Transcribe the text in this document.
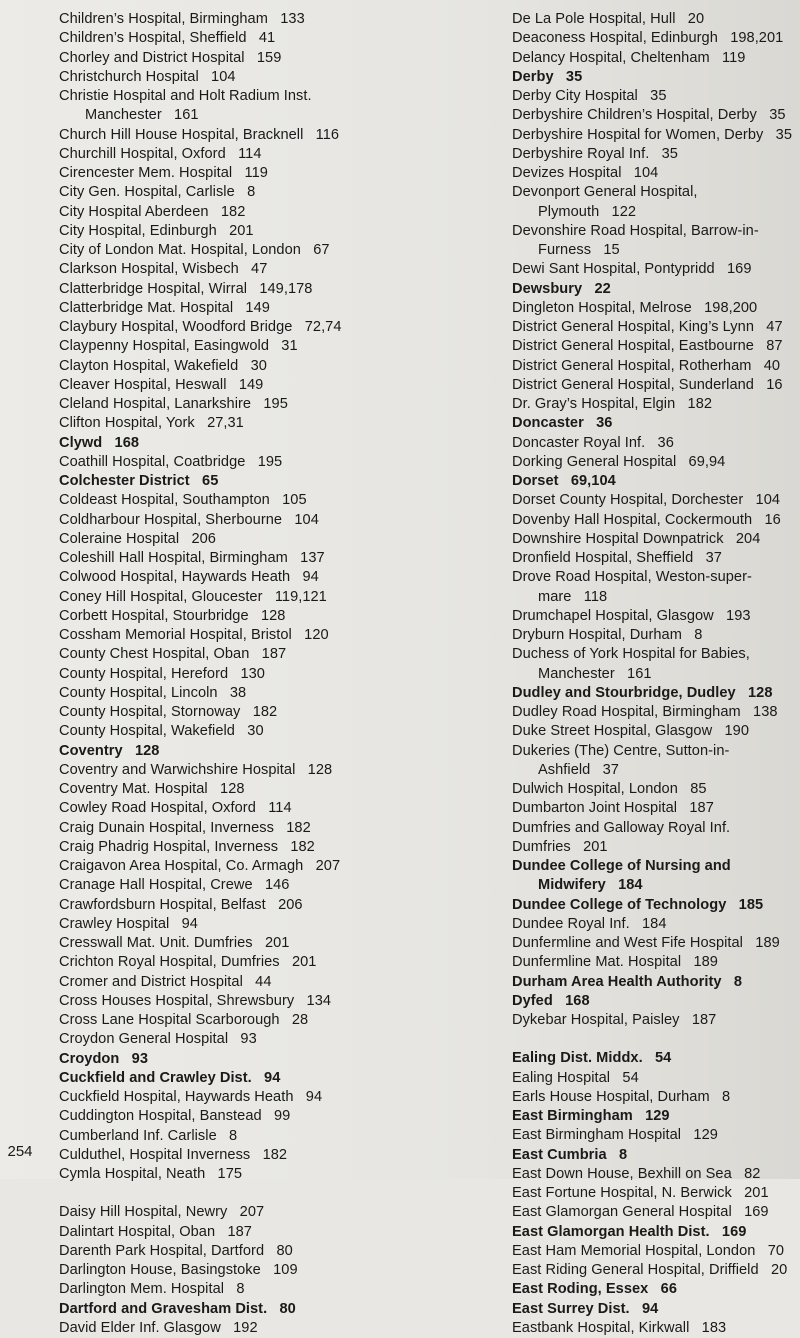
Children’s Hospital, Birmingham   133
Children’s Hospital, Sheffield   41
Chorley and District Hospital   159
Christchurch Hospital   104
Christie Hospital and Holt Radium Inst.
Manchester   161
Church Hill House Hospital, Bracknell   116
Churchill Hospital, Oxford   114
Cirencester Mem. Hospital   119
City Gen. Hospital, Carlisle   8
City Hospital Aberdeen   182
City Hospital, Edinburgh   201
City of London Mat. Hospital, London   67
Clarkson Hospital, Wisbech   47
Clatterbridge Hospital, Wirral   149,178
Clatterbridge Mat. Hospital   149
Claybury Hospital, Woodford Bridge   72,74
Claypenny Hospital, Easingwold   31
Clayton Hospital, Wakefield   30
Cleaver Hospital, Heswall   149
Cleland Hospital, Lanarkshire   195
Clifton Hospital, York   27,31
Clywd   168
Coathill Hospital, Coatbridge   195
Colchester District   65
Coldeast Hospital, Southampton   105
Coldharbour Hospital, Sherbourne   104
Coleraine Hospital   206
Coleshill Hall Hospital, Birmingham   137
Colwood Hospital, Haywards Heath   94
Coney Hill Hospital, Gloucester   119,121
Corbett Hospital, Stourbridge   128
Cossham Memorial Hospital, Bristol   120
County Chest Hospital, Oban   187
County Hospital, Hereford   130
County Hospital, Lincoln   38
County Hospital, Stornoway   182
County Hospital, Wakefield   30
Coventry   128
Coventry and Warwichshire Hospital   128
Coventry Mat. Hospital   128
Cowley Road Hospital, Oxford   114
Craig Dunain Hospital, Inverness   182
Craig Phadrig Hospital, Inverness   182
Craigavon Area Hospital, Co. Armagh   207
Cranage Hall Hospital, Crewe   146
Crawfordsburn Hospital, Belfast   206
Crawley Hospital   94
Cresswall Mat. Unit. Dumfries   201
Crichton Royal Hospital, Dumfries   201
Cromer and District Hospital   44
Cross Houses Hospital, Shrewsbury   134
Cross Lane Hospital Scarborough   28
Croydon General Hospital   93
Croydon   93
Cuckfield and Crawley Dist.   94
Cuckfield Hospital, Haywards Heath   94
Cuddington Hospital, Banstead   99
Cumberland Inf. Carlisle   8
Culduthel, Hospital Inverness   182
Cymla Hospital, Neath   175
Daisy Hill Hospital, Newry   207
Dalintart Hospital, Oban   187
Darenth Park Hospital, Dartford   80
Darlington House, Basingstoke   109
Darlington Mem. Hospital   8
Dartford and Gravesham Dist.   80
David Elder Inf. Glasgow   192
De La Pole Hospital, Hull   20
Deaconess Hospital, Edinburgh   198,201
Delancy Hospital, Cheltenham   119
Derby   35
Derby City Hospital   35
Derbyshire Children’s Hospital, Derby   35
Derbyshire Hospital for Women, Derby   35
Derbyshire Royal Inf.   35
Devizes Hospital   104
Devonport General Hospital,
Plymouth   122
Devonshire Road Hospital, Barrow-in-
Furness   15
Dewi Sant Hospital, Pontypridd   169
Dewsbury   22
Dingleton Hospital, Melrose   198,200
District General Hospital, King’s Lynn   47
District General Hospital, Eastbourne   87
District General Hospital, Rotherham   40
District General Hospital, Sunderland   16
Dr. Gray’s Hospital, Elgin   182
Doncaster   36
Doncaster Royal Inf.   36
Dorking General Hospital   69,94
Dorset   69,104
Dorset County Hospital, Dorchester   104
Dovenby Hall Hospital, Cockermouth   16
Downshire Hospital Downpatrick   204
Dronfield Hospital, Sheffield   37
Drove Road Hospital, Weston-super-
mare   118
Drumchapel Hospital, Glasgow   193
Dryburn Hospital, Durham   8
Duchess of York Hospital for Babies,
Manchester   161
Dudley and Stourbridge, Dudley   128
Dudley Road Hospital, Birmingham   138
Duke Street Hospital, Glasgow   190
Dukeries (The) Centre, Sutton-in-
Ashfield   37
Dulwich Hospital, London   85
Dumbarton Joint Hospital   187
Dumfries and Galloway Royal Inf.
Dumfries   201
Dundee College of Nursing and
Midwifery   184
Dundee College of Technology   185
Dundee Royal Inf.   184
Dunfermline and West Fife Hospital   189
Dunfermline Mat. Hospital   189
Durham Area Health Authority   8
Dyfed   168
Dykebar Hospital, Paisley   187
Ealing Dist. Middx.   54
Ealing Hospital   54
Earls House Hospital, Durham   8
East Birmingham   129
East Birmingham Hospital   129
East Cumbria   8
East Down House, Bexhill on Sea   82
East Fortune Hospital, N. Berwick   201
East Glamorgan General Hospital   169
East Glamorgan Health Dist.   169
East Ham Memorial Hospital, London   70
East Riding General Hospital, Driffield   20
East Roding, Essex   66
East Surrey Dist.   94
Eastbank Hospital, Kirkwall   183
254
